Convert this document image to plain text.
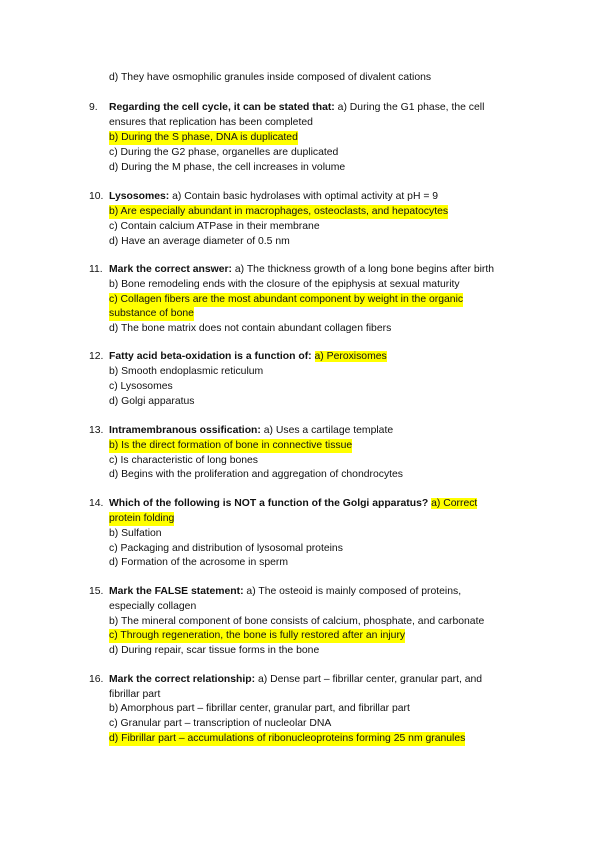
d) They have osmophilic granules inside composed of divalent cations
9. Regarding the cell cycle, it can be stated that: a) During the G1 phase, the cell
ensures that replication has been completed
b) During the S phase, DNA is duplicated
c) During the G2 phase, organelles are duplicated
d) During the M phase, the cell increases in volume
10. Lysosomes: a) Contain basic hydrolases with optimal activity at pH = 9
b) Are especially abundant in macrophages, osteoclasts, and hepatocytes
c) Contain calcium ATPase in their membrane
d) Have an average diameter of 0.5 nm
11. Mark the correct answer: a) The thickness growth of a long bone begins after birth
b) Bone remodeling ends with the closure of the epiphysis at sexual maturity
c) Collagen fibers are the most abundant component by weight in the organic
substance of bone
d) The bone matrix does not contain abundant collagen fibers
12. Fatty acid beta-oxidation is a function of: a) Peroxisomes
b) Smooth endoplasmic reticulum
c) Lysosomes
d) Golgi apparatus
13. Intramembranous ossification: a) Uses a cartilage template
b) Is the direct formation of bone in connective tissue
c) Is characteristic of long bones
d) Begins with the proliferation and aggregation of chondrocytes
14. Which of the following is NOT a function of the Golgi apparatus? a) Correct
protein folding
b) Sulfation
c) Packaging and distribution of lysosomal proteins
d) Formation of the acrosome in sperm
15. Mark the FALSE statement: a) The osteoid is mainly composed of proteins,
especially collagen
b) The mineral component of bone consists of calcium, phosphate, and carbonate
c) Through regeneration, the bone is fully restored after an injury
d) During repair, scar tissue forms in the bone
16. Mark the correct relationship: a) Dense part – fibrillar center, granular part, and
fibrillar part
b) Amorphous part – fibrillar center, granular part, and fibrillar part
c) Granular part – transcription of nucleolar DNA
d) Fibrillar part – accumulations of ribonucleoproteins forming 25 nm granules
